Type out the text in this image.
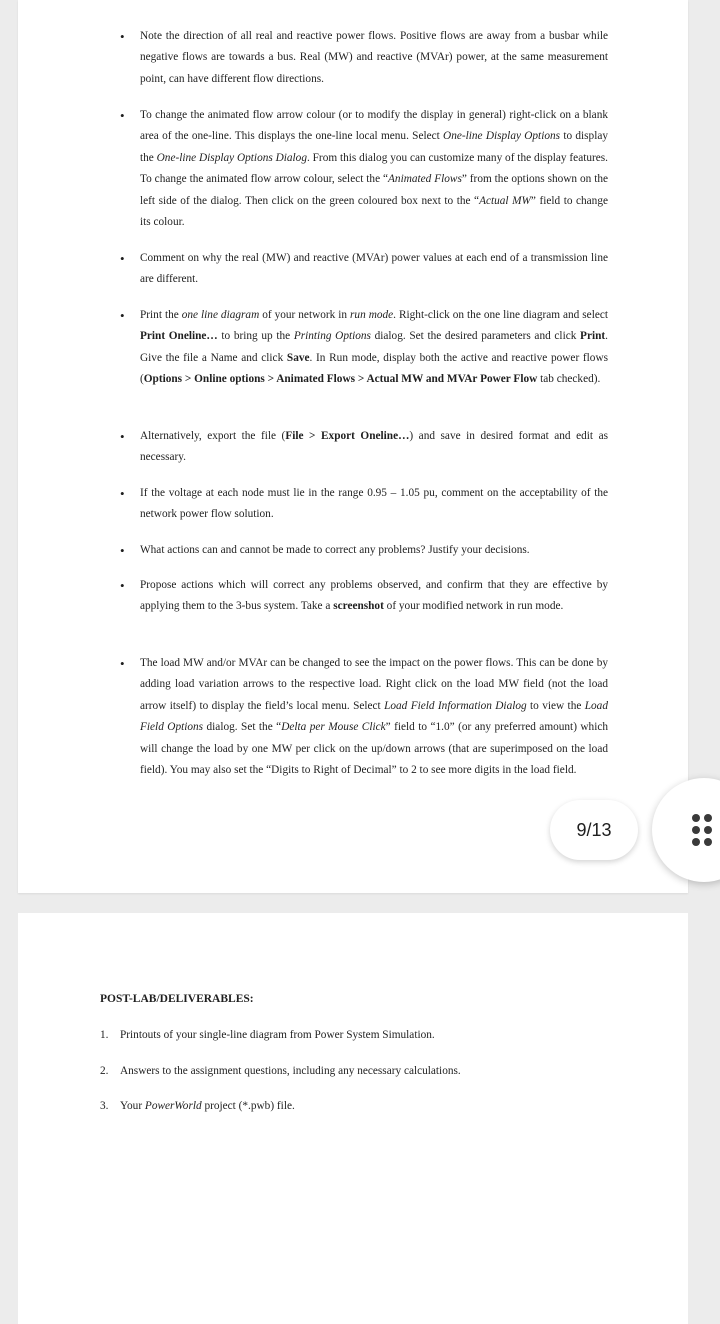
• Note the direction of all real and reactive power flows. Positive flows are away from a busbar while negative flows are towards a bus. Real (MW) and reactive (MVAr) power, at the same measurement point, can have different flow directions.
• To change the animated flow arrow colour (or to modify the display in general) right-click on a blank area of the one-line. This displays the one-line local menu. Select One-line Display Options to display the One-line Display Options Dialog. From this dialog you can customize many of the display features. To change the animated flow arrow colour, select the “Animated Flows” from the options shown on the left side of the dialog. Then click on the green coloured box next to the “Actual MW” field to change its colour.
• Comment on why the real (MW) and reactive (MVAr) power values at each end of a transmission line are different.
• Print the one line diagram of your network in run mode. Right-click on the one line diagram and select Print Oneline… to bring up the Printing Options dialog. Set the desired parameters and click Print. Give the file a Name and click Save. In Run mode, display both the active and reactive power flows (Options > Online options > Animated Flows > Actual MW and MVAr Power Flow tab checked).
• Alternatively, export the file (File > Export Oneline…) and save in desired format and edit as necessary.
• If the voltage at each node must lie in the range 0.95 – 1.05 pu, comment on the acceptability of the network power flow solution.
• What actions can and cannot be made to correct any problems? Justify your decisions.
• Propose actions which will correct any problems observed, and confirm that they are effective by applying them to the 3-bus system. Take a screenshot of your modified network in run mode.
• The load MW and/or MVAr can be changed to see the impact on the power flows. This can be done by adding load variation arrows to the respective load. Right click on the load MW field (not the load arrow itself) to display the field’s local menu. Select Load Field Information Dialog to view the Load Field Options dialog. Set the “Delta per Mouse Click” field to “1.0” (or any preferred amount) which will change the load by one MW per click on the up/down arrows (that are superimposed on the load field). You may also set the “Digits to Right of Decimal” to 2 to see more digits in the load field.

POST-LAB/DELIVERABLES:

1. Printouts of your single-line diagram from Power System Simulation.
2. Answers to the assignment questions, including any necessary calculations.
3. Your PowerWorld project (*.pwb) file.
9/13
